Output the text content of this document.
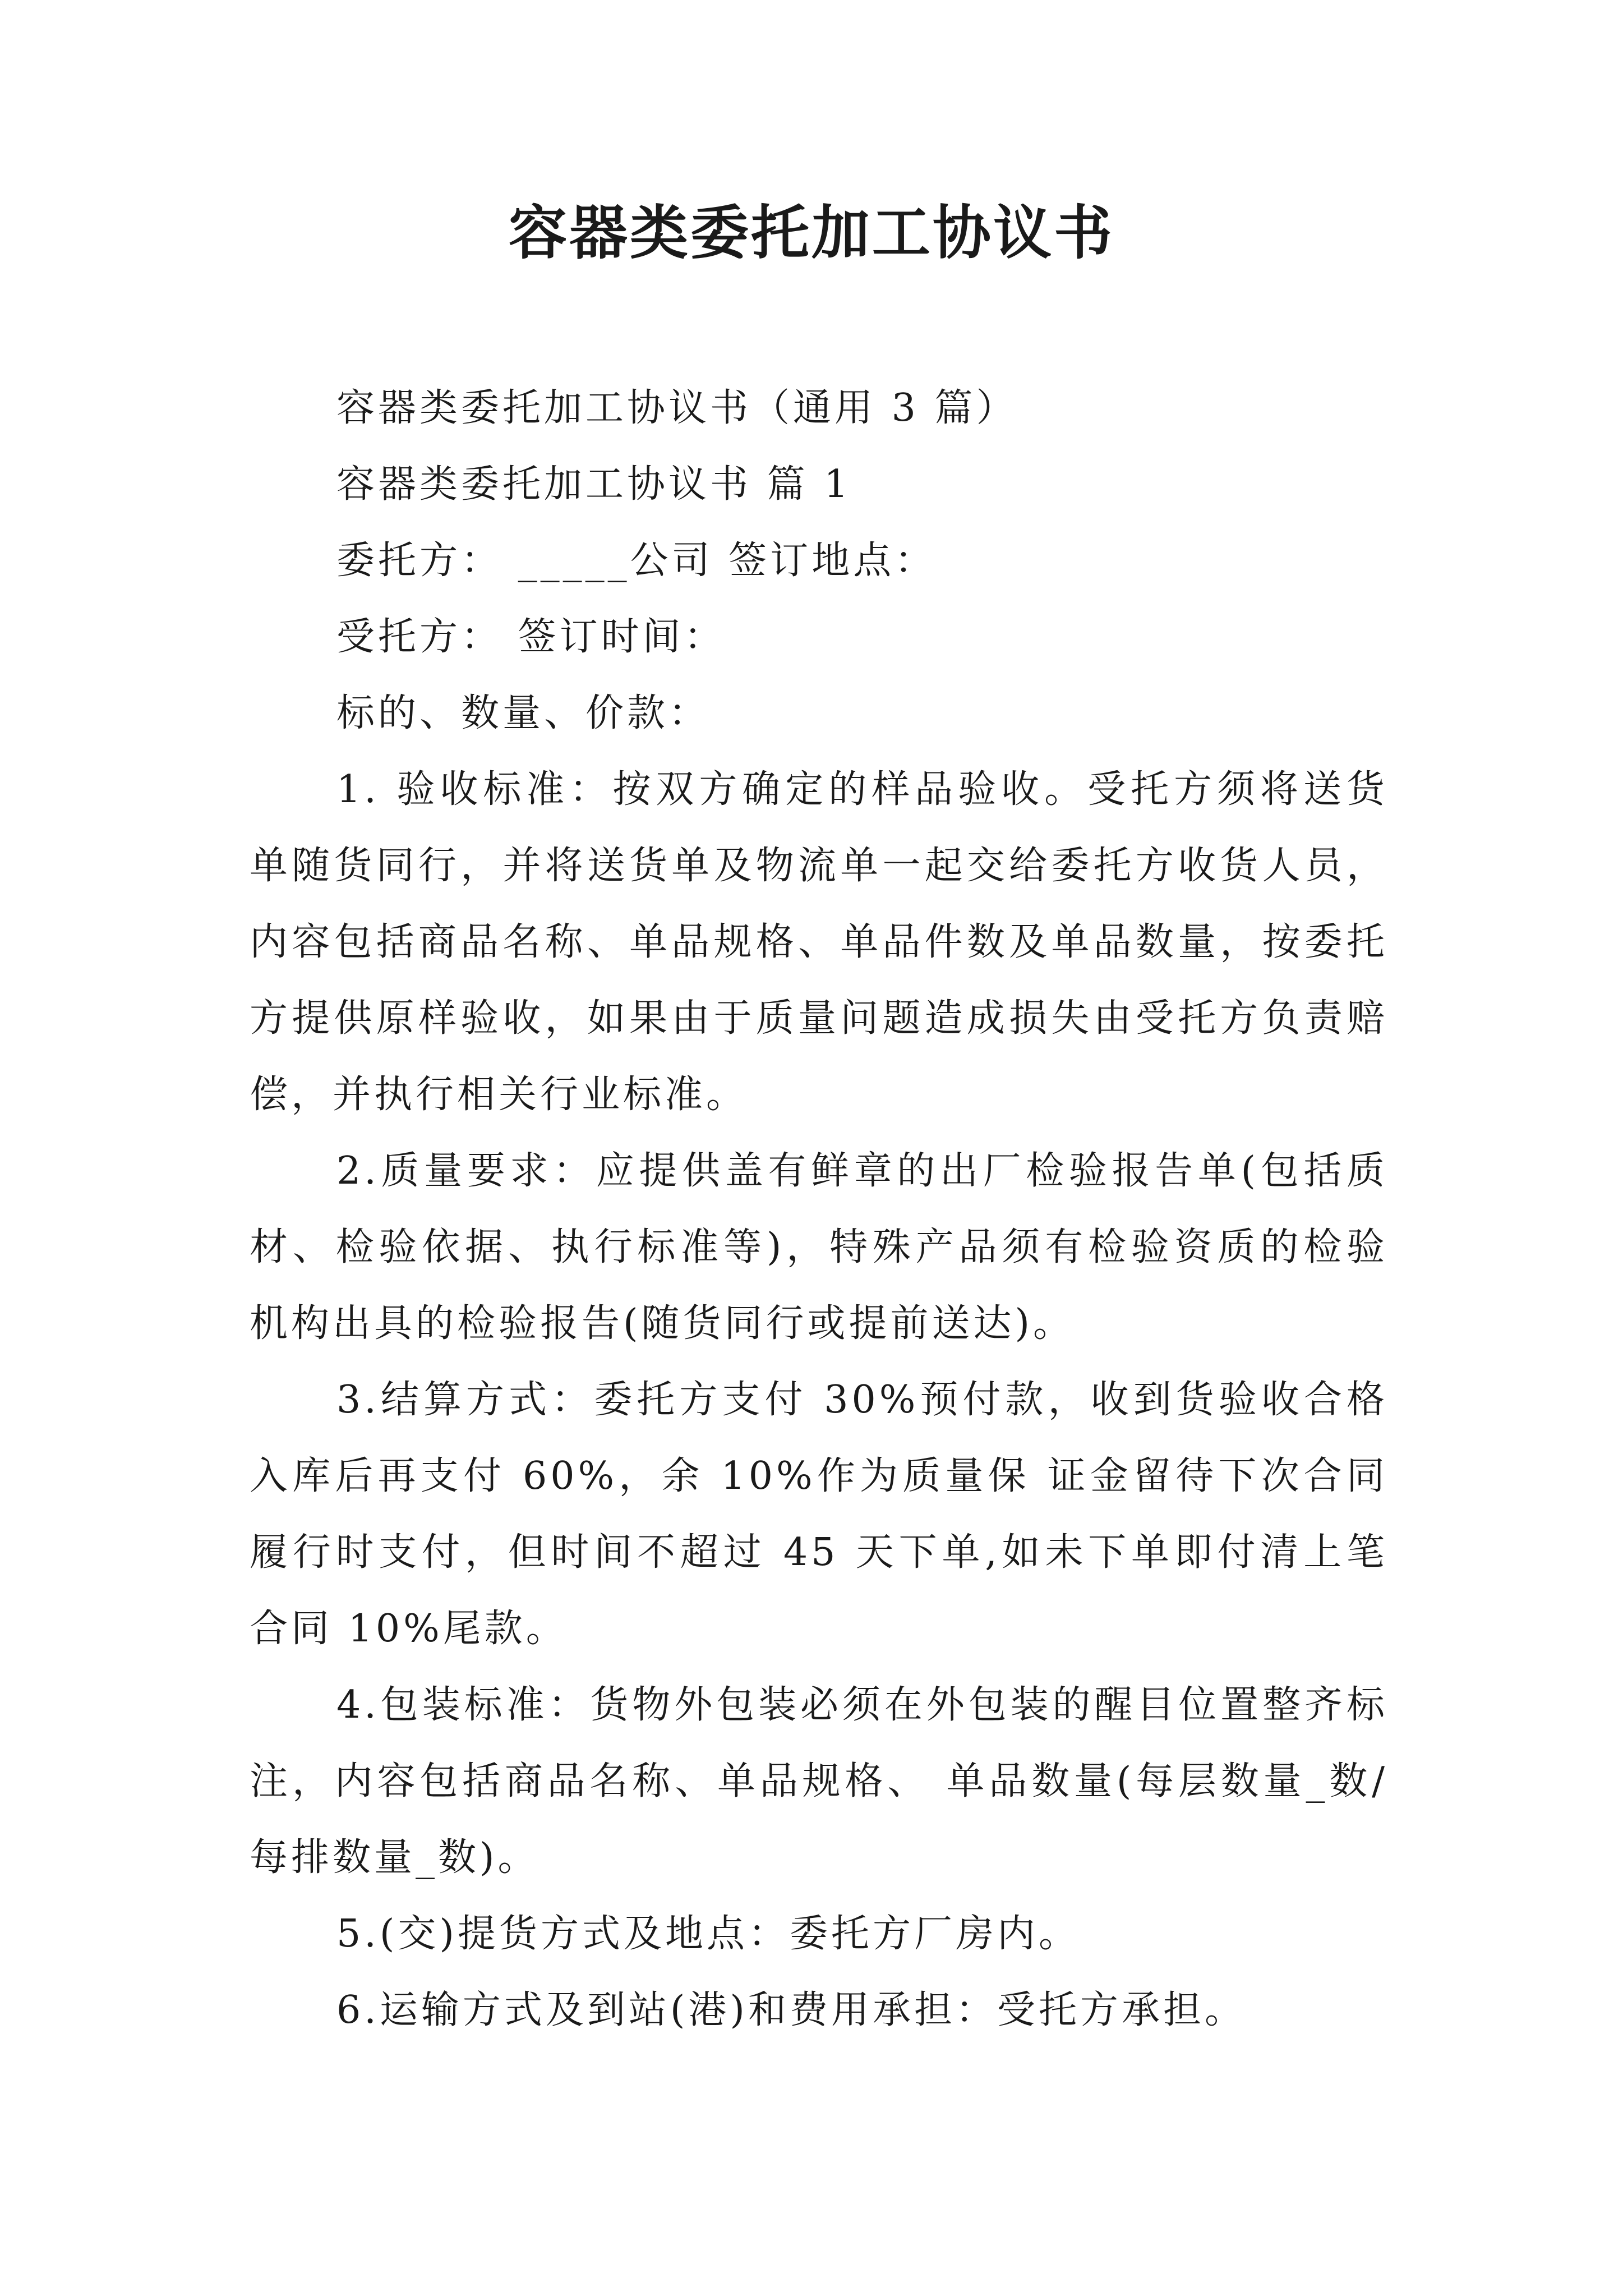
容器类委托加工协议书

容器类委托加工协议书（通用 3 篇）

容器类委托加工协议书 篇 1

委托方： _____公司 签订地点：

受托方： 签订时间：

标的、数量、价款：

1. 验收标准：按双方确定的样品验收。受托方须将送货单随货同行，并将送货单及物流单一起交给委托方收货人员，内容包括商品名称、单品规格、单品件数及单品数量，按委托方提供原样验收，如果由于质量问题造成损失由受托方负责赔偿，并执行相关行业标准。

2.质量要求：应提供盖有鲜章的出厂检验报告单(包括质材、检验依据、执行标准等)，特殊产品须有检验资质的检验机构出具的检验报告(随货同行或提前送达)。

3.结算方式：委托方支付 30%预付款，收到货验收合格入库后再支付 60%，余 10%作为质量保 证金留待下次合同履行时支付，但时间不超过 45 天下单,如未下单即付清上笔合同 10%尾款。

4.包装标准：货物外包装必须在外包装的醒目位置整齐标注，内容包括商品名称、单品规格、 单品数量(每层数量_数/每排数量_数)。

5.(交)提货方式及地点：委托方厂房内。

6.运输方式及到站(港)和费用承担：受托方承担。
